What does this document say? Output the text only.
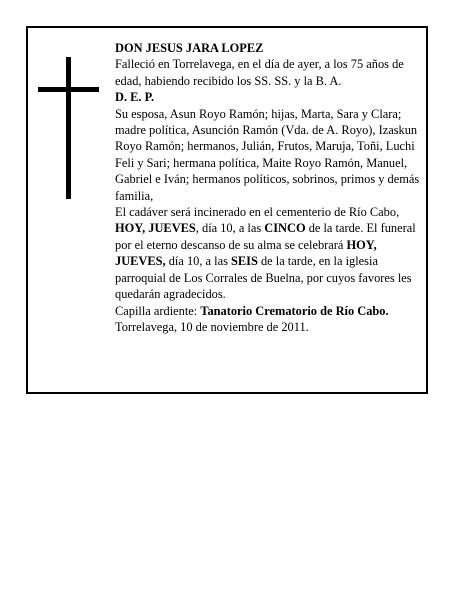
DON JESUS JARA LOPEZ

Falleció en Torrelavega, en el día de ayer, a los 75 años de edad, habiendo recibido los SS. SS. y la B. A.

D. E. P.

Su esposa, Asun Royo Ramón; hijas, Marta, Sara y Clara; madre política, Asunción Ramón (Vda. de A. Royo), Izaskun Royo Ramón; hermanos, Julián, Frutos, Maruja, Toñi, Luchi Feli y Sari; hermana política, Maite Royo Ramón, Manuel, Gabriel e Iván; hermanos políticos, sobrinos, primos y demás familia,

El cadáver será incinerado en el cementerio de Río Cabo, HOY, JUEVES, día 10, a las CINCO de la tarde. El funeral por el eterno descanso de su alma se celebrará HOY, JUEVES, día 10, a las SEIS de la tarde, en la iglesia parroquial de Los Corrales de Buelna, por cuyos favores les quedarán agradecidos.

Capilla ardiente: Tanatorio Crematorio de Río Cabo.

Torrelavega, 10 de noviembre de 2011.
